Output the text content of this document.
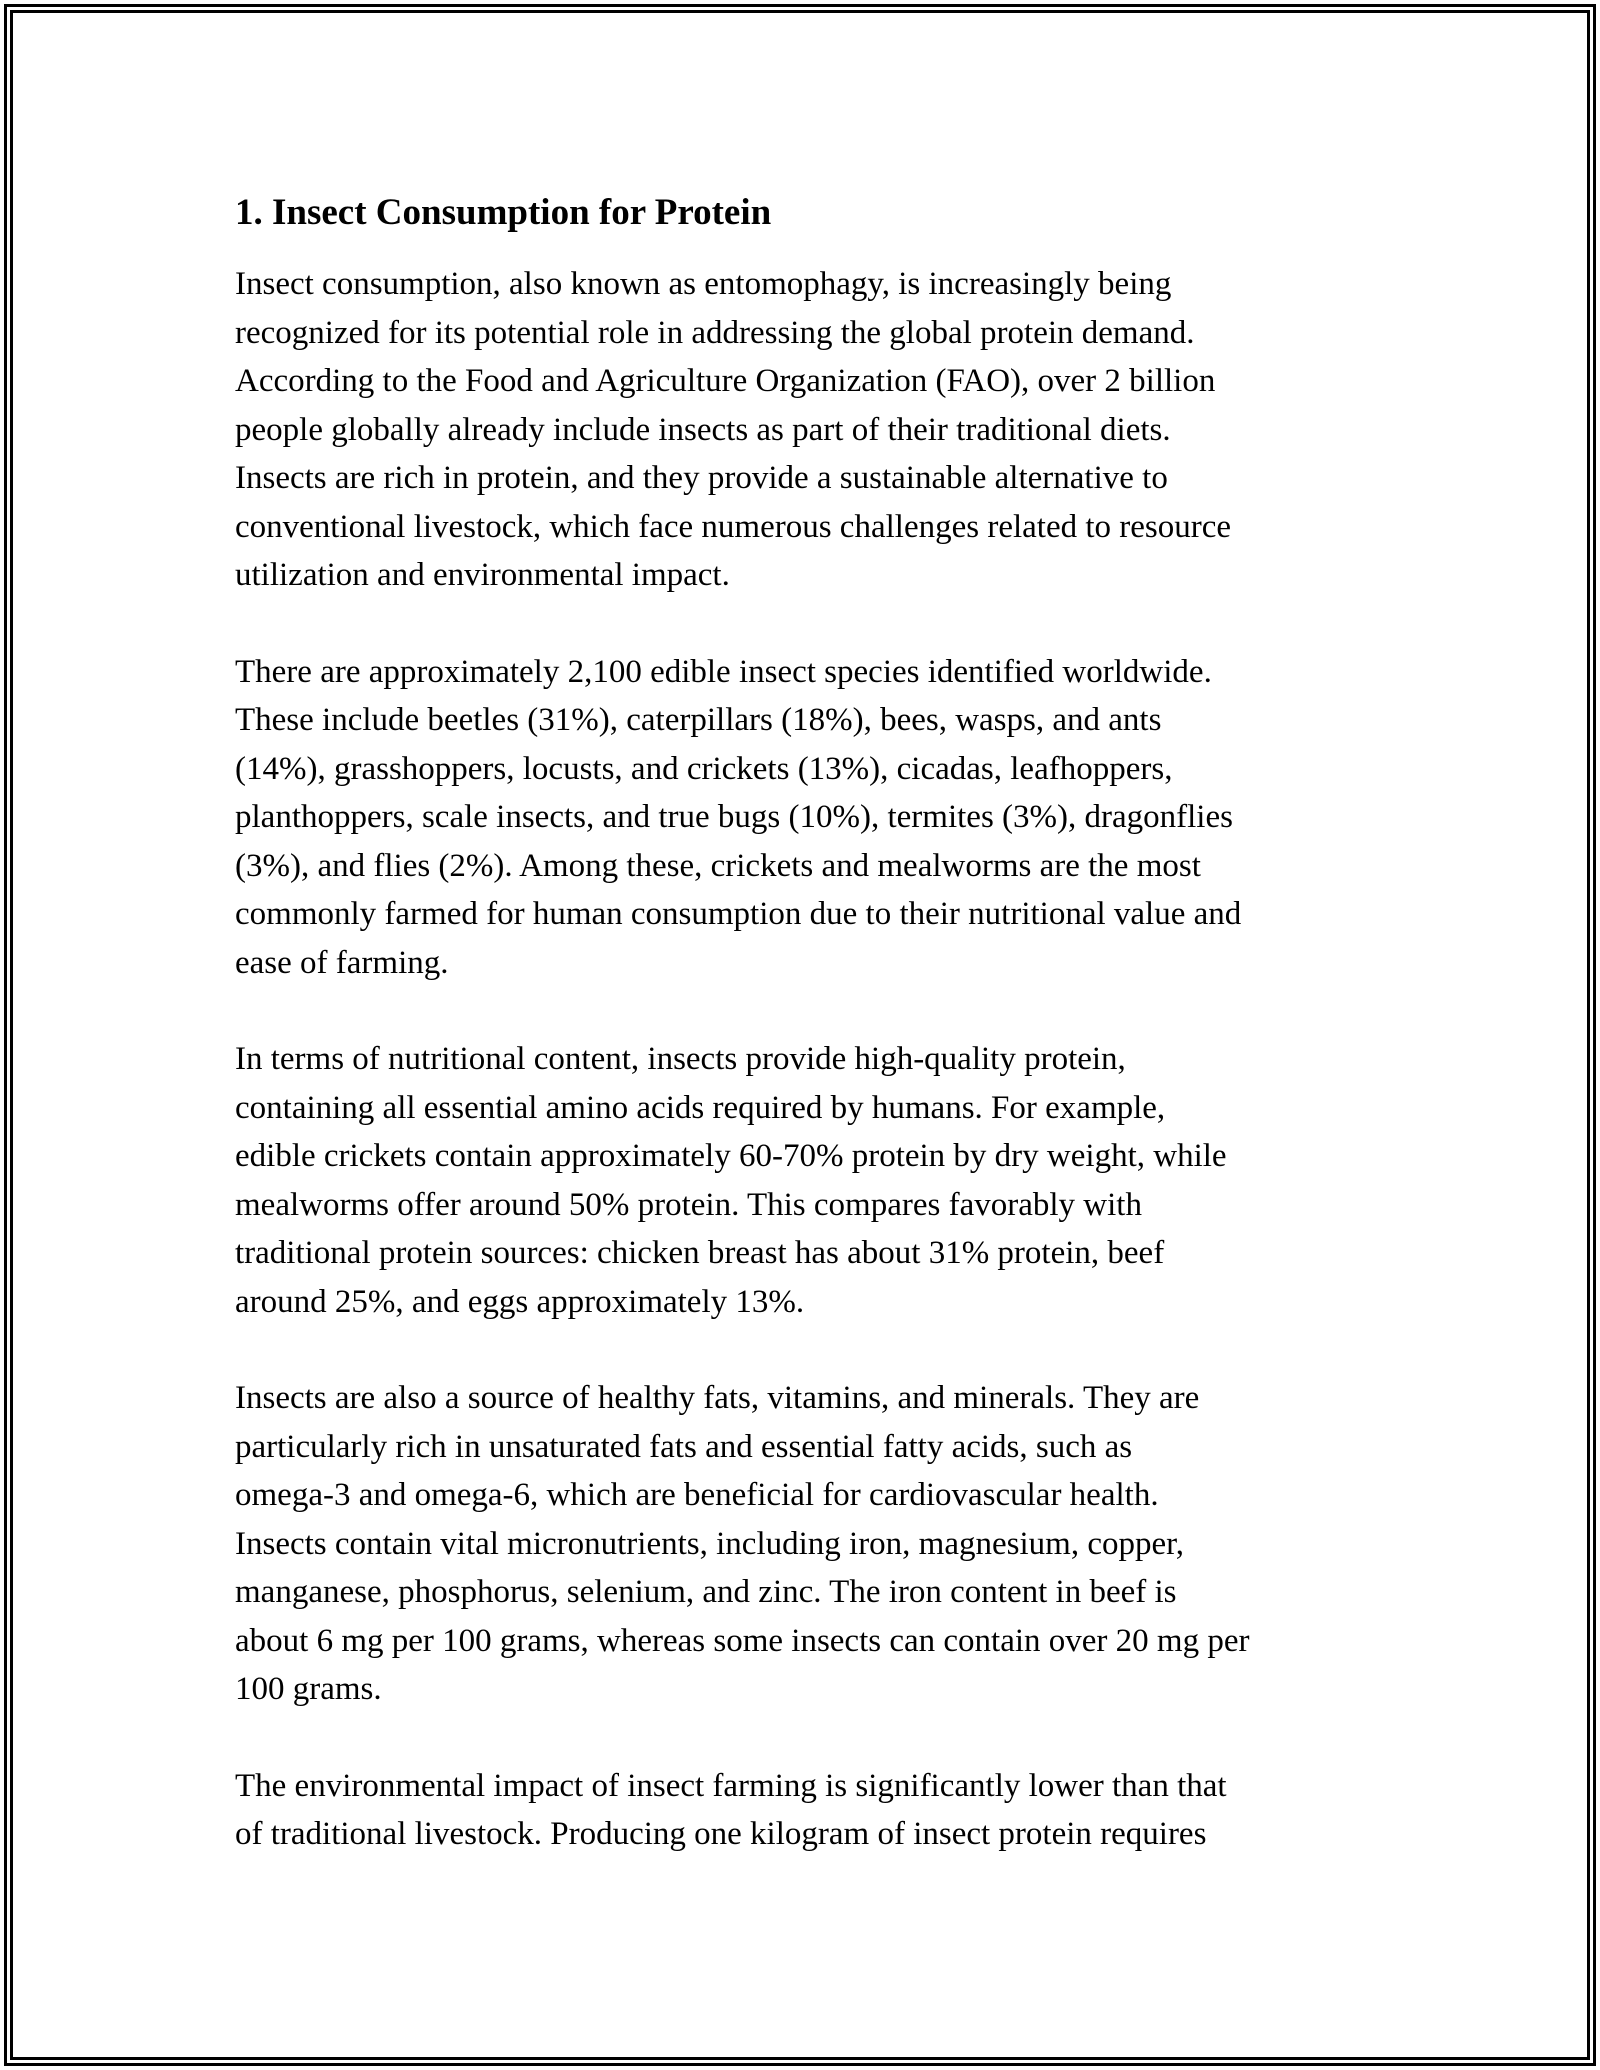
1. Insect Consumption for Protein

Insect consumption, also known as entomophagy, is increasingly being
recognized for its potential role in addressing the global protein demand.
According to the Food and Agriculture Organization (FAO), over 2 billion
people globally already include insects as part of their traditional diets.
Insects are rich in protein, and they provide a sustainable alternative to
conventional livestock, which face numerous challenges related to resource
utilization and environmental impact.

There are approximately 2,100 edible insect species identified worldwide.
These include beetles (31%), caterpillars (18%), bees, wasps, and ants
(14%), grasshoppers, locusts, and crickets (13%), cicadas, leafhoppers,
planthoppers, scale insects, and true bugs (10%), termites (3%), dragonflies
(3%), and flies (2%). Among these, crickets and mealworms are the most
commonly farmed for human consumption due to their nutritional value and
ease of farming.

In terms of nutritional content, insects provide high-quality protein,
containing all essential amino acids required by humans. For example,
edible crickets contain approximately 60-70% protein by dry weight, while
mealworms offer around 50% protein. This compares favorably with
traditional protein sources: chicken breast has about 31% protein, beef
around 25%, and eggs approximately 13%.

Insects are also a source of healthy fats, vitamins, and minerals. They are
particularly rich in unsaturated fats and essential fatty acids, such as
omega-3 and omega-6, which are beneficial for cardiovascular health.
Insects contain vital micronutrients, including iron, magnesium, copper,
manganese, phosphorus, selenium, and zinc. The iron content in beef is
about 6 mg per 100 grams, whereas some insects can contain over 20 mg per
100 grams.

The environmental impact of insect farming is significantly lower than that
of traditional livestock. Producing one kilogram of insect protein requires
